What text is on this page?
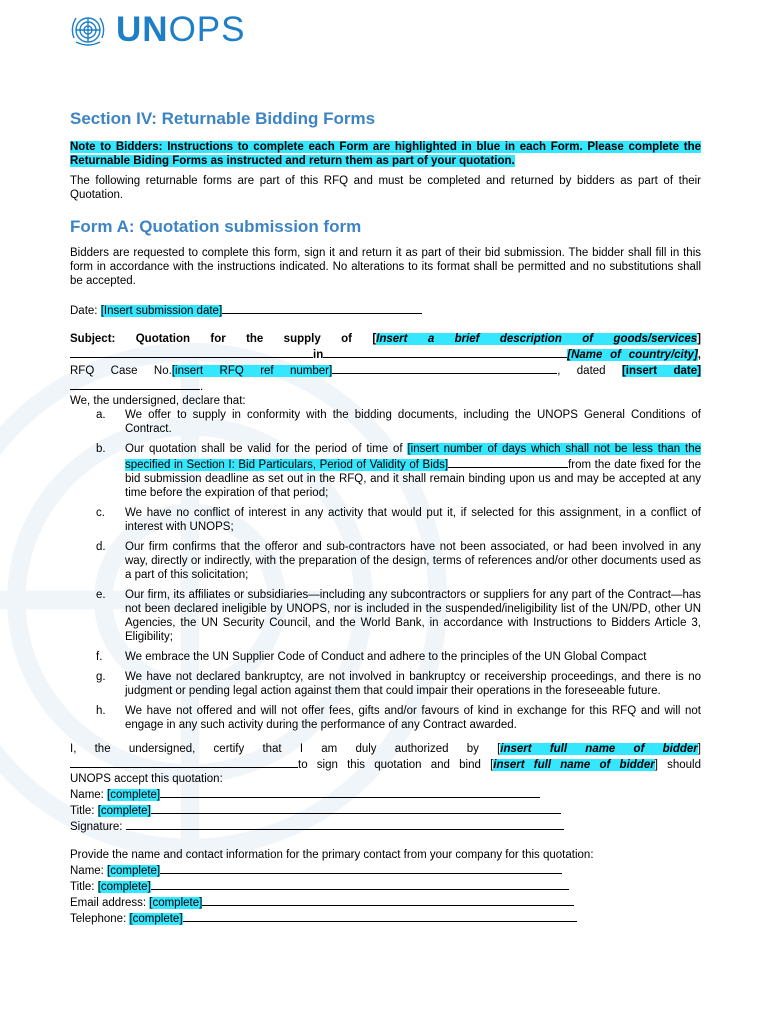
UNOPS
Section IV: Returnable Bidding Forms

Note to Bidders: Instructions to complete each Form are highlighted in blue in each Form. Please complete the Returnable Biding Forms as instructed and return them as part of your quotation.

The following returnable forms are part of this RFQ and must be completed and returned by bidders as part of their Quotation.

Form A: Quotation submission form

Bidders are requested to complete this form, sign it and return it as part of their bid submission. The bidder shall fill in this form in accordance with the instructions indicated. No alterations to its format shall be permitted and no substitutions shall be accepted.

Date: [Insert submission date]

Subject: Quotation for the supply of [Insert a brief description of goods/services]

in	[Name of country/city],

RFQ Case No.[insert RFQ ref number]	, dated [insert date]

.

We, the undersigned, declare that:

a. We offer to supply in conformity with the bidding documents, including the UNOPS General Conditions of Contract.
b. Our quotation shall be valid for the period of time of [insert number of days which shall not be less than the specified in Section I: Bid Particulars, Period of Validity of Bids]	from the date fixed for the bid submission deadline as set out in the RFQ, and it shall remain binding upon us and may be accepted at any time before the expiration of that period;
c. We have no conflict of interest in any activity that would put it, if selected for this assignment, in a conflict of interest with UNOPS;
d. Our firm confirms that the offeror and sub-contractors have not been associated, or had been involved in any way, directly or indirectly, with the preparation of the design, terms of references and/or other documents used as a part of this solicitation;
e. Our firm, its affiliates or subsidiaries—including any subcontractors or suppliers for any part of the Contract—has not been declared ineligible by UNOPS, nor is included in the suspended/ineligibility list of the UN/PD, other UN Agencies, the UN Security Council, and the World Bank, in accordance with Instructions to Bidders Article 3, Eligibility;
f. We embrace the UN Supplier Code of Conduct and adhere to the principles of the UN Global Compact
g. We have not declared bankruptcy, are not involved in bankruptcy or receivership proceedings, and there is no judgment or pending legal action against them that could impair their operations in the foreseeable future.
h. We have not offered and will not offer fees, gifts and/or favours of kind in exchange for this RFQ and will not engage in any such activity during the performance of any Contract awarded.

I, the undersigned, certify that I am duly authorized by [insert full name of bidder]

to sign this quotation and bind [insert full name of bidder] should

UNOPS accept this quotation:

Name: [complete]

Title: [complete]

Signature:

Provide the name and contact information for the primary contact from your company for this quotation:

Name: [complete]

Title: [complete]

Email address: [complete]

Telephone: [complete]
